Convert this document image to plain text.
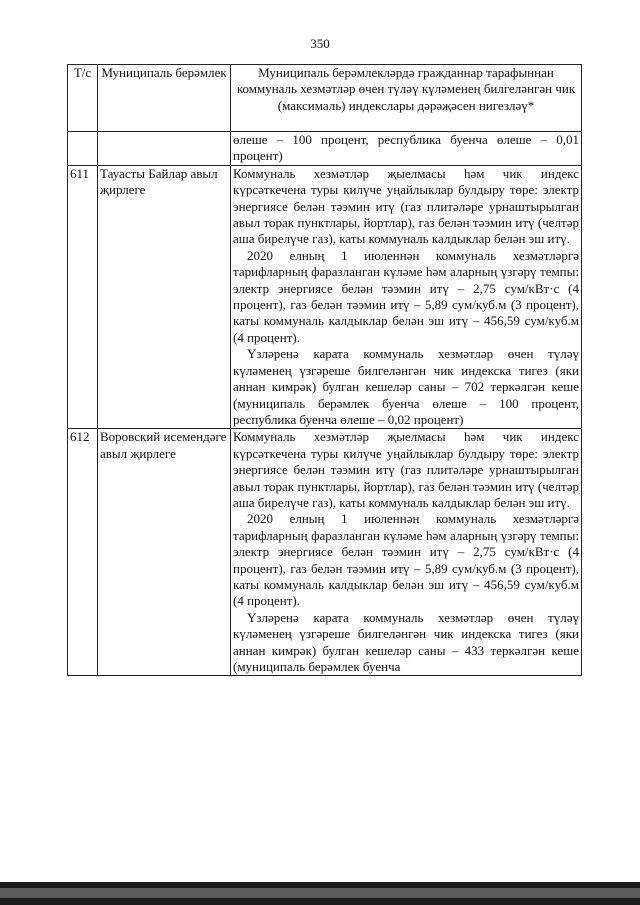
350
Т/с	Муниципаль берәмлек	Муниципаль берәмлекләрдә гражданнар тарафыннан коммуналь хезмәтләр өчен түләү күләменең билгеләнгән чик (максималь) индекслары дәрәҗәсен нигезләү*

		өлеше – 100 процент, республика буенча өлеше – 0,01 процент)

611	Тауасты Байлар авыл җирлеге	Коммуналь хезмәтләр җыелмасы һәм чик индекс күрсәткечена туры килүче уңайлыклар булдыру төре: электр энергиясе белән тәэмин итү (газ плитәләре урнаштырылган авыл торак пунктлары, йортлар), газ белән тәэмин итү (челтәр аша бирелүче газ), каты коммуналь калдыклар белән эш итү.

2020 елның 1 июленнән коммуналь хезмәтләргә тарифларның фаразланган күләме һәм аларның үзгәрү темпы: электр энергиясе белән тәэмин итү – 2,75 сум/кВт·с (4 процент), газ белән тәэмин итү – 5,89 сум/куб.м (3 процент), каты коммуналь калдыклар белән эш итү – 456,59 сум/куб.м (4 процент).

Үзләренә карата коммуналь хезмәтләр өчен түләү күләменең үзгәреше билгеләнгән чик индекска тигез (яки аннан кимрәк) булган кешеләр саны – 702 теркәлгән кеше (муниципаль берәмлек буенча өлеше – 100 процент, республика буенча өлеше – 0,02 процент)

612	Воровский исемендәге авыл җирлеге	Коммуналь хезмәтләр җыелмасы һәм чик индекс күрсәткечена туры килүче уңайлыклар булдыру төре: электр энергиясе белән тәэмин итү (газ плитәләре урнаштырылган авыл торак пунктлары, йортлар), газ белән тәэмин итү (челтәр аша бирелүче газ), каты коммуналь калдыклар белән эш итү.

2020 елның 1 июленнән коммуналь хезмәтләргә тарифларның фаразланган күләме һәм аларның үзгәрү темпы: электр энергиясе белән тәэмин итү – 2,75 сум/кВт·с (4 процент), газ белән тәэмин итү – 5,89 сум/куб.м (3 процент), каты коммуналь калдыклар белән эш итү – 456,59 сум/куб.м (4 процент).

Үзләренә карата коммуналь хезмәтләр өчен түләү күләменең үзгәреше билгеләнгән чик индекска тигез (яки аннан кимрәк) булган кешеләр саны – 433 теркәлгән кеше (муниципаль берәмлек буенча
